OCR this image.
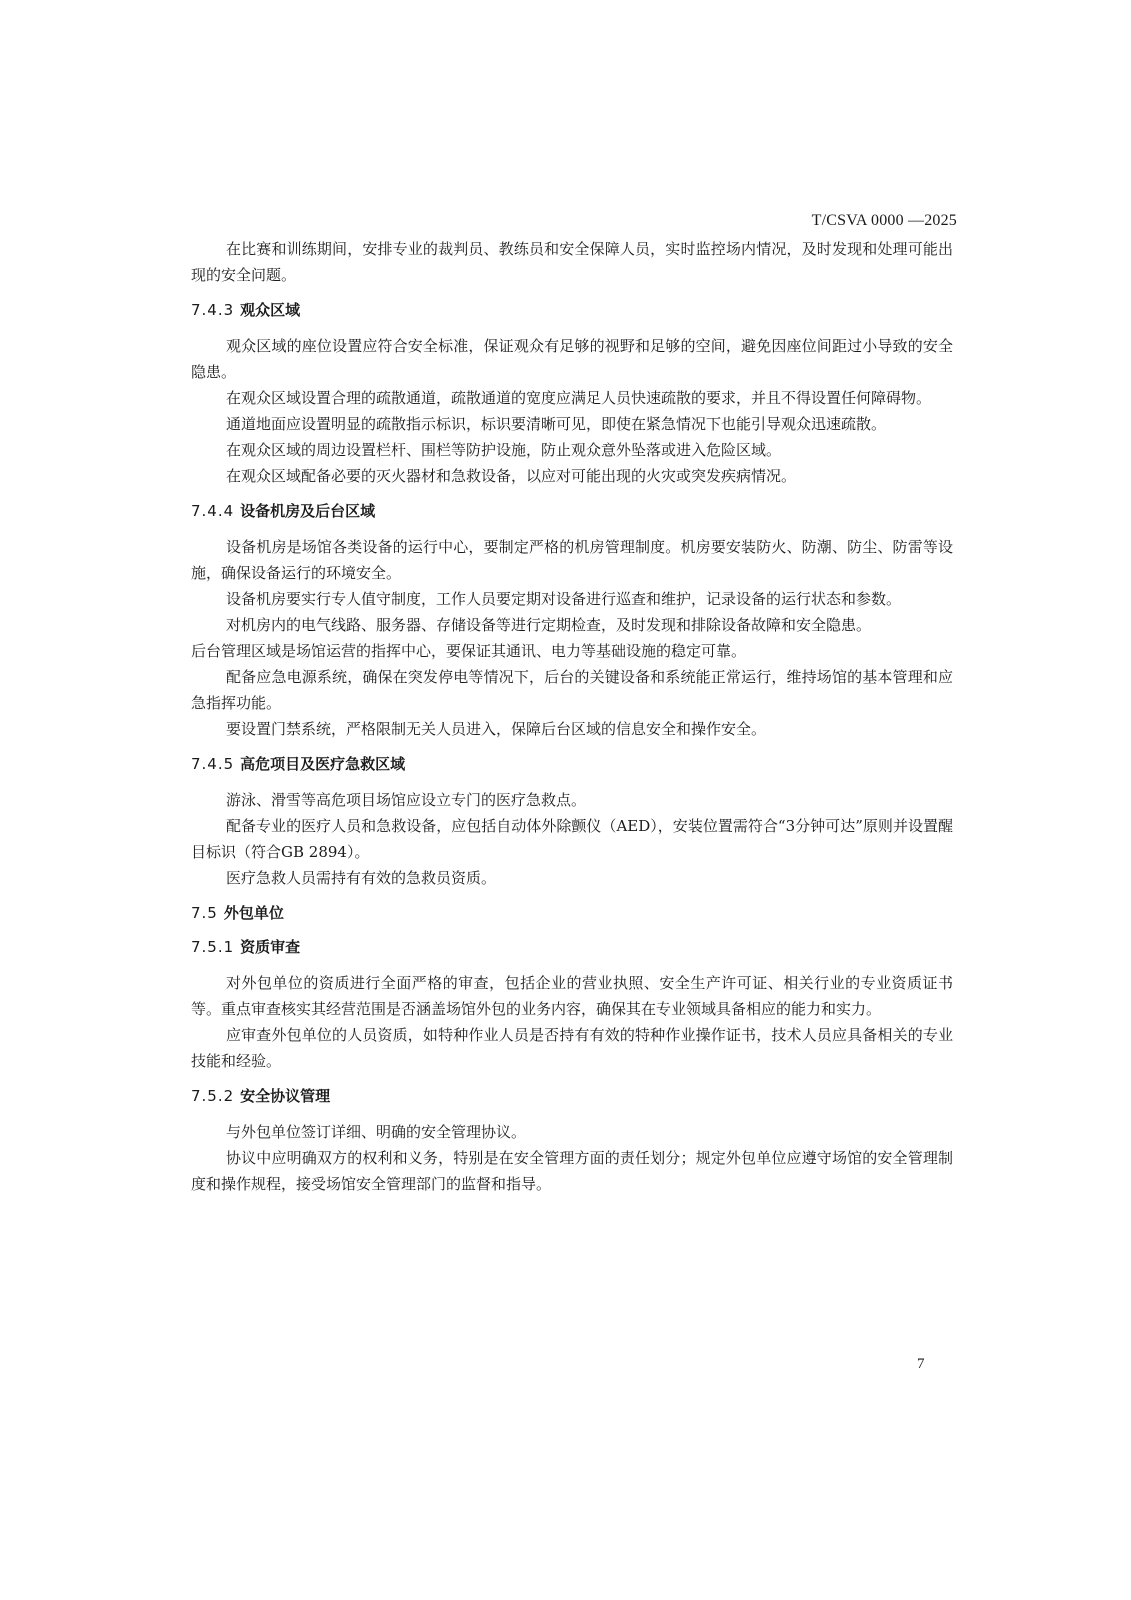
T/CSVA 0000 —2025

在比赛和训练期间，安排专业的裁判员、教练员和安全保障人员，实时监控场内情况，及时发现和处理可能出现的安全问题。

7.4.3 观众区域

观众区域的座位设置应符合安全标准，保证观众有足够的视野和足够的空间，避免因座位间距过小导致的安全隐患。

在观众区域设置合理的疏散通道，疏散通道的宽度应满足人员快速疏散的要求，并且不得设置任何障碍物。

通道地面应设置明显的疏散指示标识，标识要清晰可见，即使在紧急情况下也能引导观众迅速疏散。

在观众区域的周边设置栏杆、围栏等防护设施，防止观众意外坠落或进入危险区域。

在观众区域配备必要的灭火器材和急救设备，以应对可能出现的火灾或突发疾病情况。

7.4.4 设备机房及后台区域

设备机房是场馆各类设备的运行中心，要制定严格的机房管理制度。机房要安装防火、防潮、防尘、防雷等设施，确保设备运行的环境安全。

设备机房要实行专人值守制度，工作人员要定期对设备进行巡查和维护，记录设备的运行状态和参数。

对机房内的电气线路、服务器、存储设备等进行定期检查，及时发现和排除设备故障和安全隐患。

后台管理区域是场馆运营的指挥中心，要保证其通讯、电力等基础设施的稳定可靠。

配备应急电源系统，确保在突发停电等情况下，后台的关键设备和系统能正常运行，维持场馆的基本管理和应急指挥功能。

要设置门禁系统，严格限制无关人员进入，保障后台区域的信息安全和操作安全。

7.4.5 高危项目及医疗急救区域

游泳、滑雪等高危项目场馆应设立专门的医疗急救点。

配备专业的医疗人员和急救设备，应包括自动体外除颤仪（AED），安装位置需符合“3分钟可达”原则并设置醒目标识（符合GB 2894）。

医疗急救人员需持有有效的急救员资质。

7.5 外包单位
7.5.1 资质审查

对外包单位的资质进行全面严格的审查，包括企业的营业执照、安全生产许可证、相关行业的专业资质证书等。重点审查核实其经营范围是否涵盖场馆外包的业务内容，确保其在专业领域具备相应的能力和实力。

应审查外包单位的人员资质，如特种作业人员是否持有有效的特种作业操作证书，技术人员应具备相关的专业技能和经验。

7.5.2 安全协议管理

与外包单位签订详细、明确的安全管理协议。

协议中应明确双方的权利和义务，特别是在安全管理方面的责任划分；规定外包单位应遵守场馆的安全管理制度和操作规程，接受场馆安全管理部门的监督和指导。

7
